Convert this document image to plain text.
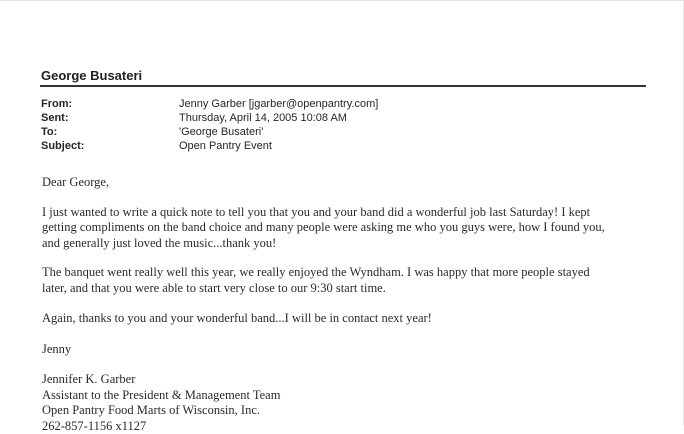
George Busateri
From:	Jenny Garber [jgarber@openpantry.com]
Sent:	Thursday, April 14, 2005 10:08 AM
To:	'George Busateri'
Subject:	Open Pantry Event

Dear George,

I just wanted to write a quick note to tell you that you and your band did a wonderful job last Saturday! I kept

getting compliments on the band choice and many people were asking me who you guys were, how I found you,

and generally just loved the music...thank you!

The banquet went really well this year, we really enjoyed the Wyndham. I was happy that more people stayed

later, and that you were able to start very close to our 9:30 start time.

Again, thanks to you and your wonderful band...I will be in contact next year!

Jenny

Jennifer K. Garber

Assistant to the President & Management Team

Open Pantry Food Marts of Wisconsin, Inc.

262-857-1156 x1127
